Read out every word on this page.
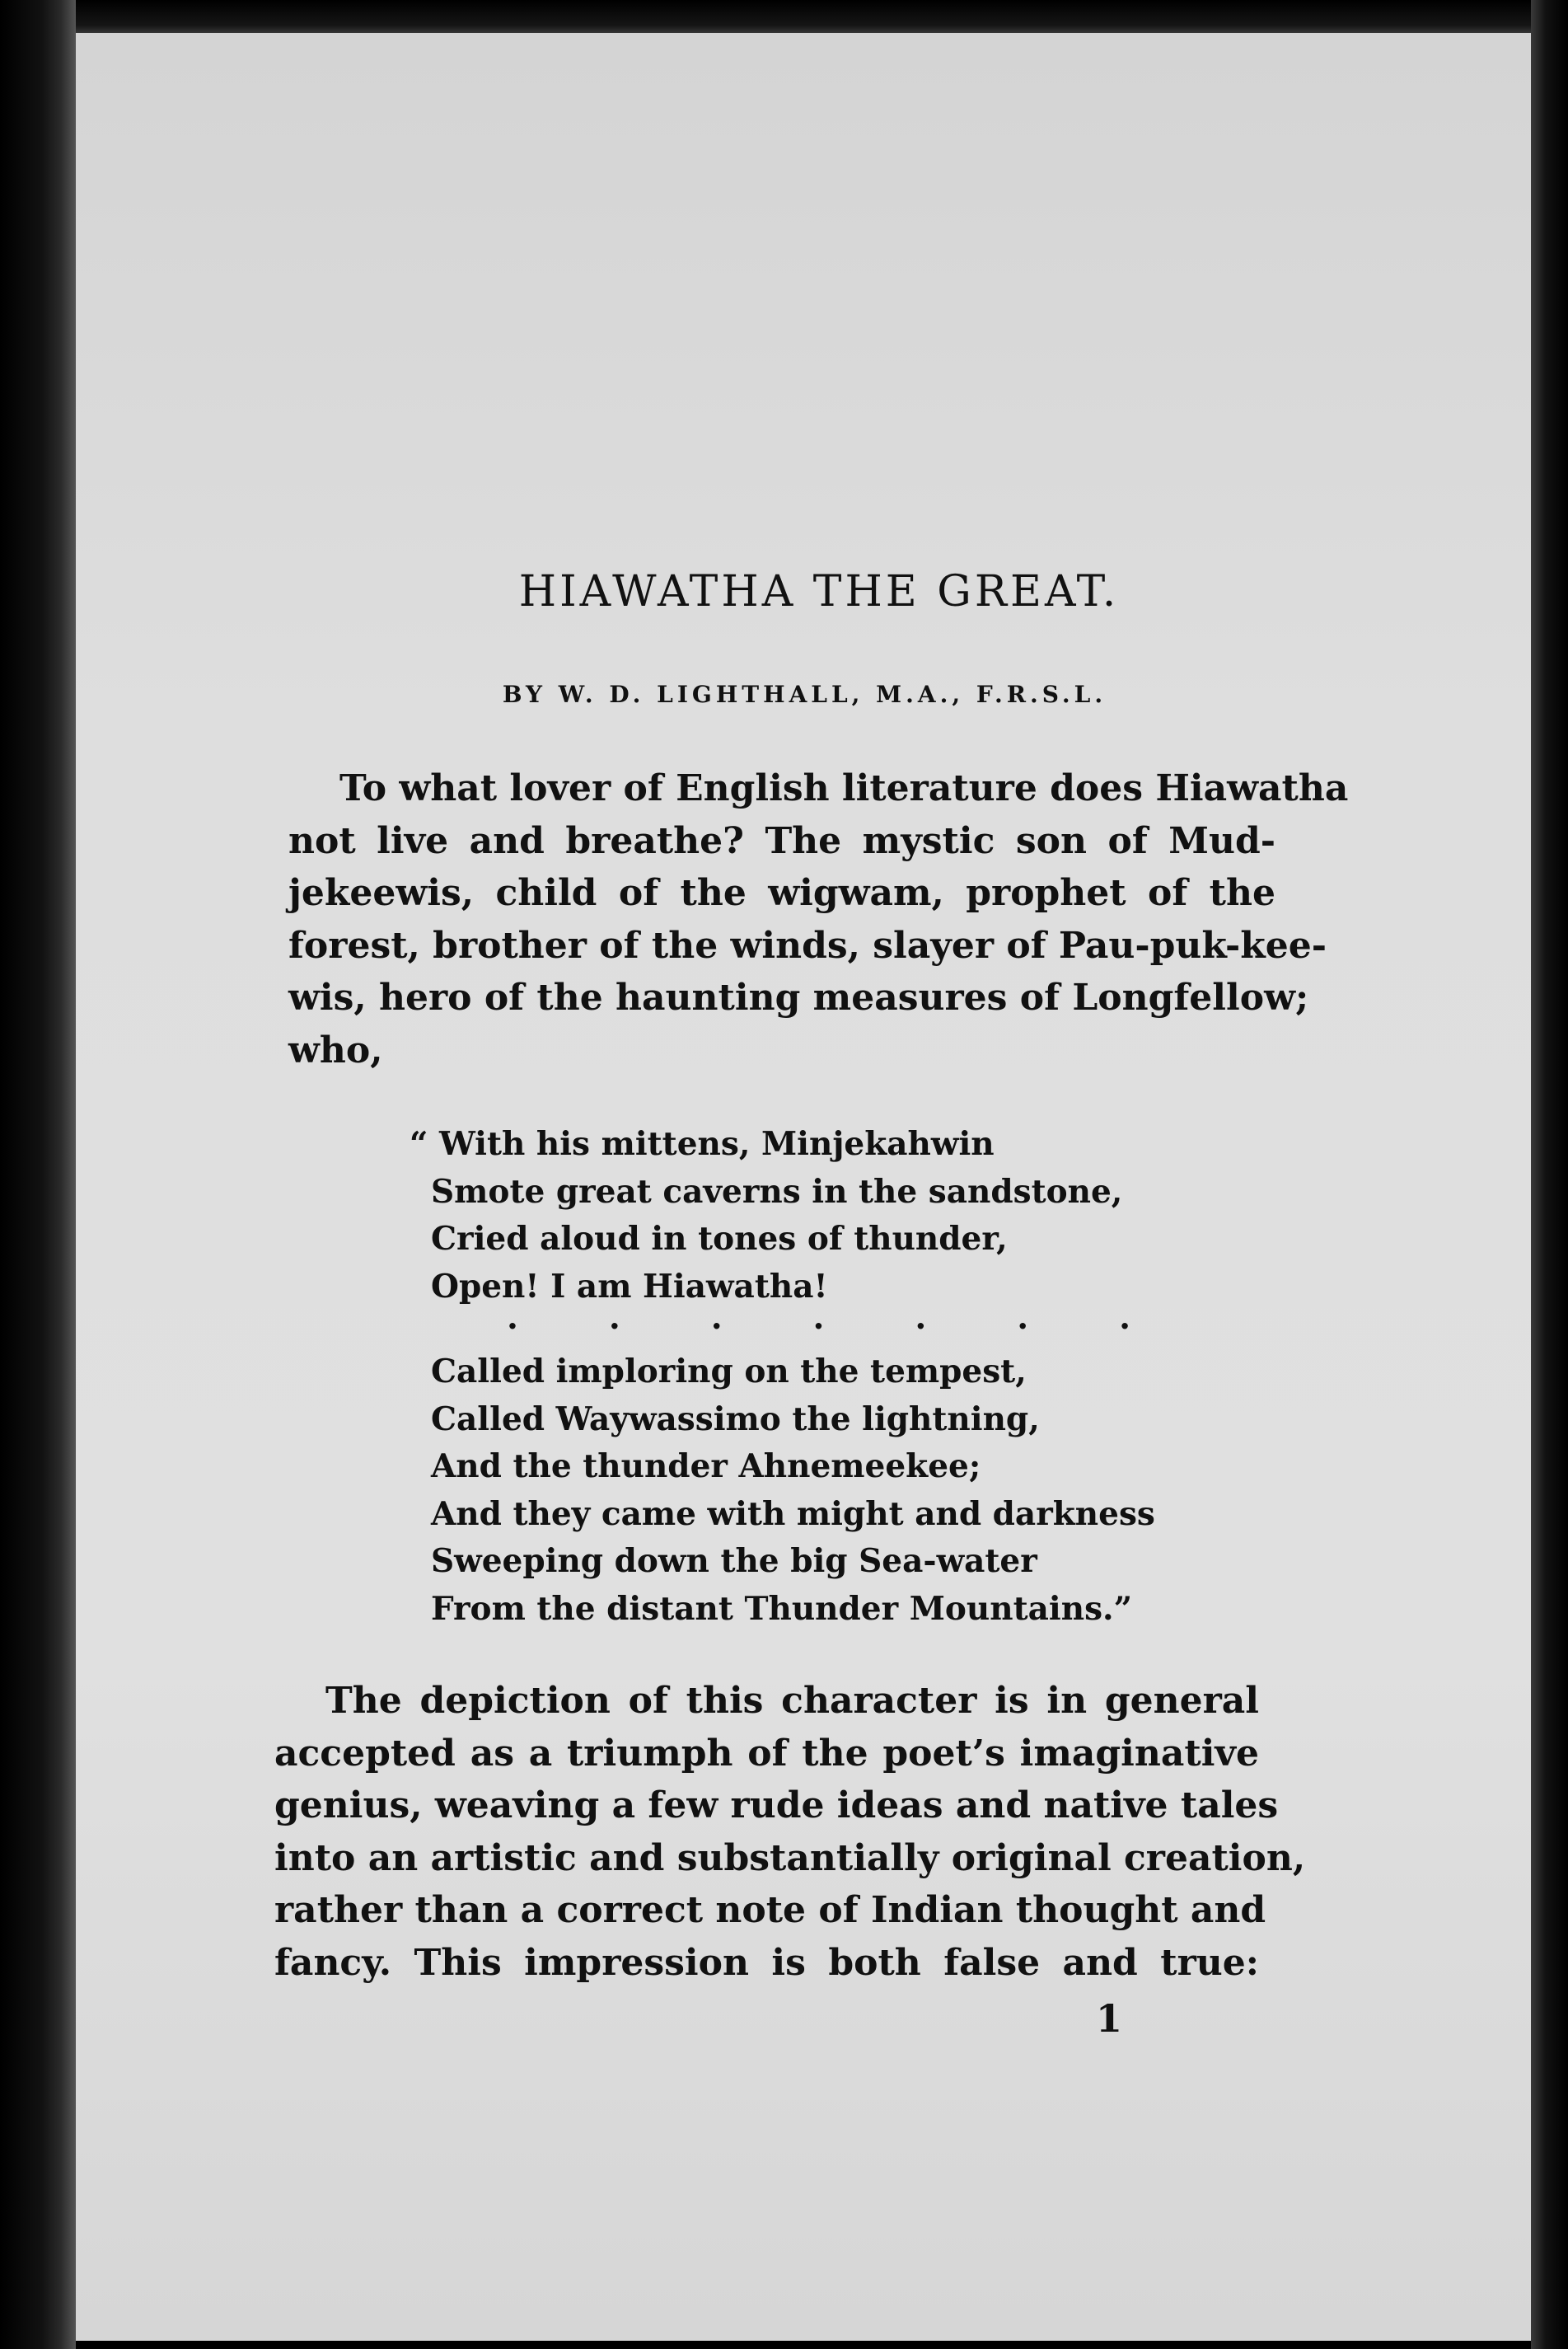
HIAWATHA THE GREAT.
BY W. D. LIGHTHALL, M.A., F.R.S.L.
To what lover of English literature does Hiawatha
not live and breathe? The mystic son of Mud-
jekeewis, child of the wigwam, prophet of the
forest, brother of the winds, slayer of Pau-puk-kee-
wis, hero of the haunting measures of Longfellow;
who,
“ With his mittens, Minjekahwin
Smote great caverns in the sandstone,
Cried aloud in tones of thunder,
Open! I am Hiawatha!
. . . . . . .
Called imploring on the tempest,
Called Waywassimo the lightning,
And the thunder Ahnemeekee;
And they came with might and darkness
Sweeping down the big Sea-water
From the distant Thunder Mountains.”
The depiction of this character is in general
accepted as a triumph of the poet’s imaginative
genius, weaving a few rude ideas and native tales
into an artistic and substantially original creation,
rather than a correct note of Indian thought and
fancy. This impression is both false and true:
1
